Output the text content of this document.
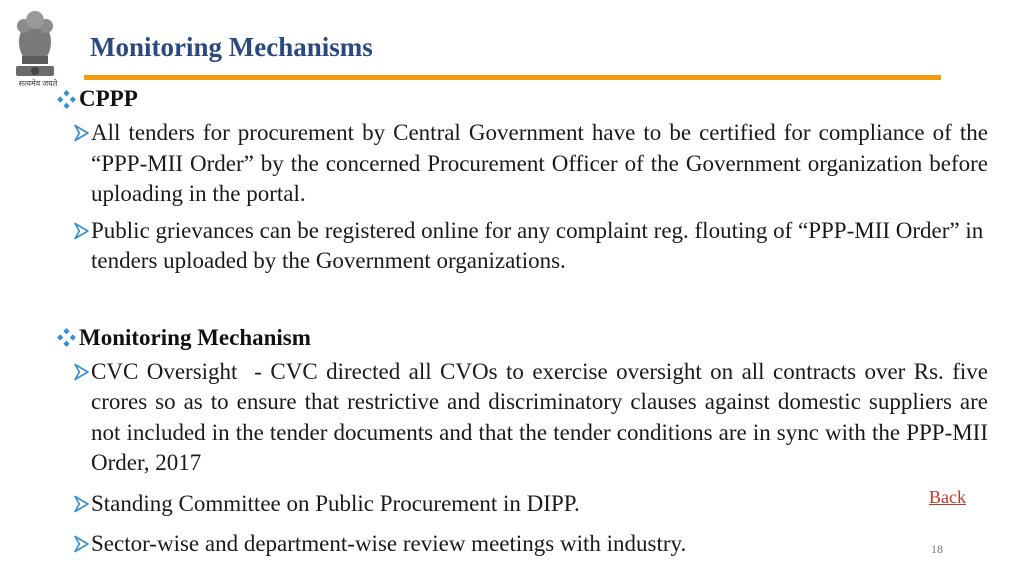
सत्यमेव जयते
Monitoring Mechanisms
CPPP
All tenders for procurement by Central Government have to be certified for compliance of the “PPP-MII Order” by the concerned Procurement Officer of the Government organization before uploading in the portal.
Public grievances can be registered online for any complaint reg. flouting of “PPP-MII Order” in tenders uploaded by the Government organizations.
Monitoring Mechanism
CVC Oversight  - CVC directed all CVOs to exercise oversight on all contracts over Rs. five crores so as to ensure that restrictive and discriminatory clauses against domestic suppliers are not included in the tender documents and that the tender conditions are in sync with the PPP-MII Order, 2017
Standing Committee on Public Procurement in DIPP.
Sector-wise and department-wise review meetings with industry.
Back
18
